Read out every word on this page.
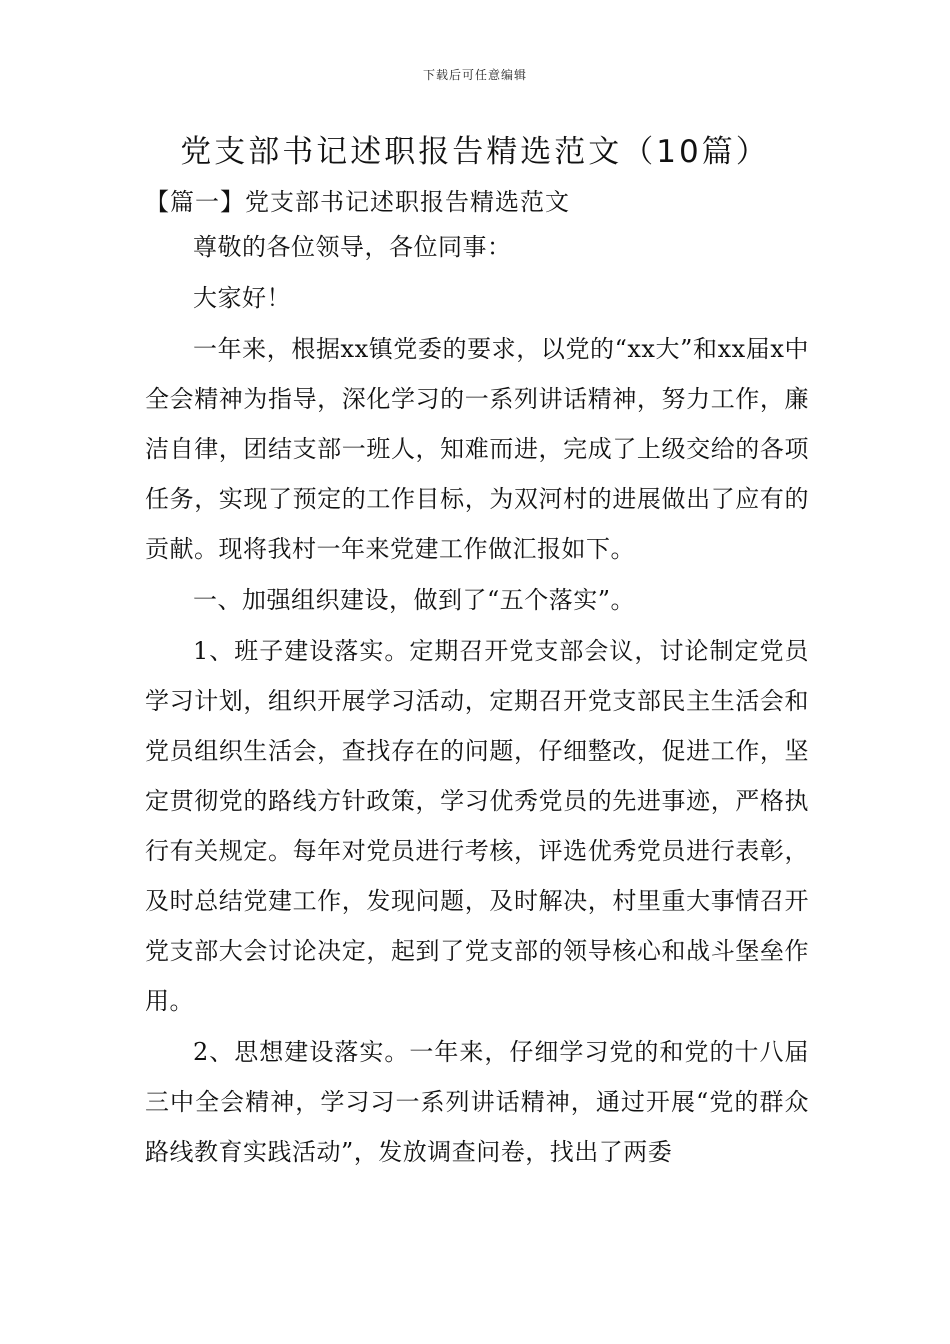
下载后可任意编辑
党支部书记述职报告精选范文（10篇）
【篇一】党支部书记述职报告精选范文

尊敬的各位领导，各位同事：

大家好！

一年来，根据xx镇党委的要求，以党的“xx大”和xx届x中全会精神为指导，深化学习的一系列讲话精神，努力工作，廉洁自律，团结支部一班人，知难而进，完成了上级交给的各项任务，实现了预定的工作目标，为双河村的进展做出了应有的贡献。现将我村一年来党建工作做汇报如下。

一、加强组织建设，做到了“五个落实”。

1、班子建设落实。定期召开党支部会议，讨论制定党员学习计划，组织开展学习活动，定期召开党支部民主生活会和党员组织生活会，查找存在的问题，仔细整改，促进工作，坚定贯彻党的路线方针政策，学习优秀党员的先进事迹，严格执行有关规定。每年对党员进行考核，评选优秀党员进行表彰，及时总结党建工作，发现问题，及时解决，村里重大事情召开党支部大会讨论决定，起到了党支部的领导核心和战斗堡垒作用。

2、思想建设落实。一年来，仔细学习党的和党的十八届三中全会精神，学习习一系列讲话精神，通过开展“党的群众路线教育实践活动”，发放调查问卷，找出了两委
